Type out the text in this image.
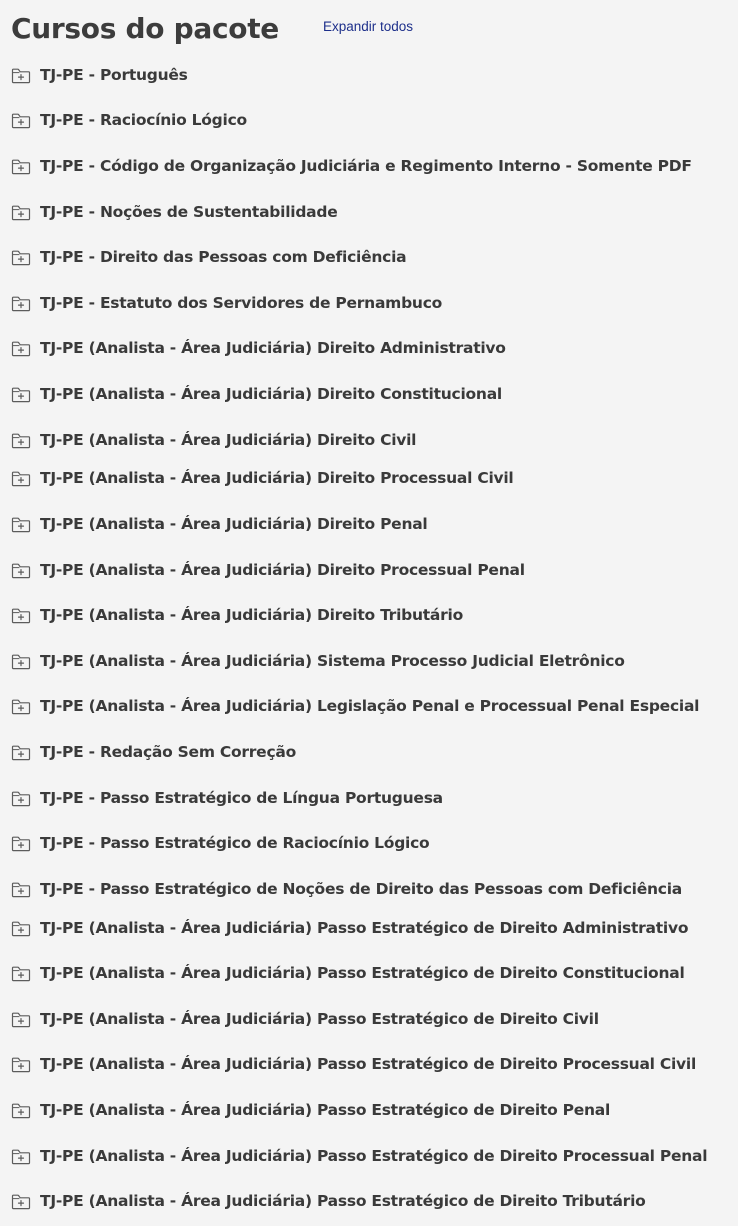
Cursos do pacote	Expandir todos
TJ-PE - Português
TJ-PE - Raciocínio Lógico
TJ-PE - Código de Organização Judiciária e Regimento Interno - Somente PDF
TJ-PE - Noções de Sustentabilidade
TJ-PE - Direito das Pessoas com Deficiência
TJ-PE - Estatuto dos Servidores de Pernambuco
TJ-PE (Analista - Área Judiciária) Direito Administrativo
TJ-PE (Analista - Área Judiciária) Direito Constitucional
TJ-PE (Analista - Área Judiciária) Direito Civil
TJ-PE (Analista - Área Judiciária) Direito Processual Civil
TJ-PE (Analista - Área Judiciária) Direito Penal
TJ-PE (Analista - Área Judiciária) Direito Processual Penal
TJ-PE (Analista - Área Judiciária) Direito Tributário
TJ-PE (Analista - Área Judiciária) Sistema Processo Judicial Eletrônico
TJ-PE (Analista - Área Judiciária) Legislação Penal e Processual Penal Especial
TJ-PE - Redação Sem Correção
TJ-PE - Passo Estratégico de Língua Portuguesa
TJ-PE - Passo Estratégico de Raciocínio Lógico
TJ-PE - Passo Estratégico de Noções de Direito das Pessoas com Deficiência
TJ-PE (Analista - Área Judiciária) Passo Estratégico de Direito Administrativo
TJ-PE (Analista - Área Judiciária) Passo Estratégico de Direito Constitucional
TJ-PE (Analista - Área Judiciária) Passo Estratégico de Direito Civil
TJ-PE (Analista - Área Judiciária) Passo Estratégico de Direito Processual Civil
TJ-PE (Analista - Área Judiciária) Passo Estratégico de Direito Penal
TJ-PE (Analista - Área Judiciária) Passo Estratégico de Direito Processual Penal
TJ-PE (Analista - Área Judiciária) Passo Estratégico de Direito Tributário
